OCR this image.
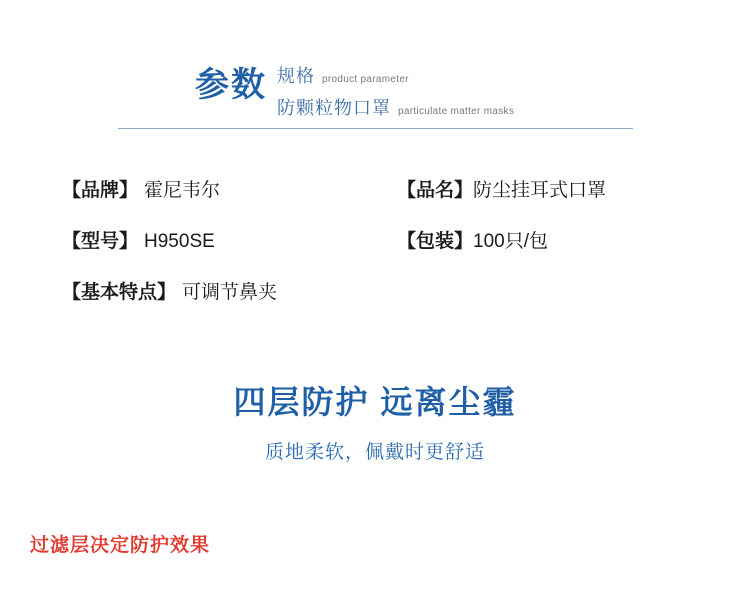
参数 规格 product parameter
防颗粒物口罩 particulate matter masks
【品牌】 霍尼韦尔	【品名】防尘挂耳式口罩
【型号】 H950SE	【包装】100只/包
【基本特点】 可调节鼻夹
四层防护 远离尘霾
质地柔软，佩戴时更舒适
过滤层决定防护效果
